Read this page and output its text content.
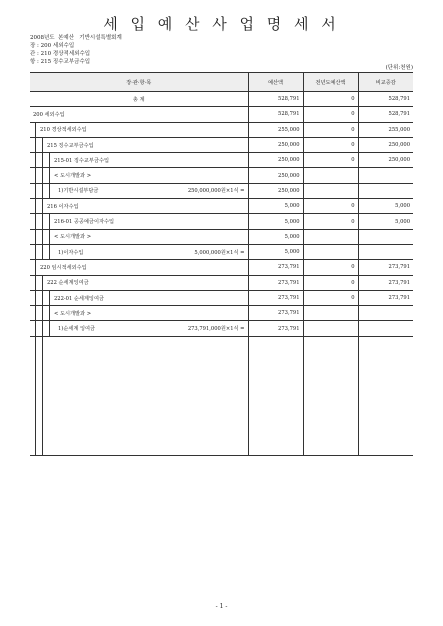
세 입 예 산 사 업 명 세 서
2008년도  본예산   기반시설특별회계
장 : 200 세외수입
관 : 210 경상적세외수입
항 : 215 징수교부금수입
(단위:천원)
장·관·항·목	예산액	전년도예산액	비교증감
총 계	528,791	0	528,791
200 세외수입	528,791	0	528,791

210 경상적세외수입	255,000	0	255,000

215 징수교부금수입	250,000	0	250,000

215-01 징수교부금수입	250,000	0	250,000

< 도시개발과 >	250,000		

1)기반시설부담금 250,000,000원×1식 =	250,000		

216 이자수입	5,000	0	5,000

216-01 공공예금이자수입	5,000	0	5,000

< 도시개발과 >	5,000		

1)이자수입 5,000,000원×1식 =	5,000		

220 임시적세외수입	273,791	0	273,791

222 순세계잉여금	273,791	0	273,791

222-01 순세계잉여금	273,791	0	273,791

< 도시개발과 >	273,791		

1)순세계 잉여금 273,791,000원×1식 =	273,791		

- 1 -
